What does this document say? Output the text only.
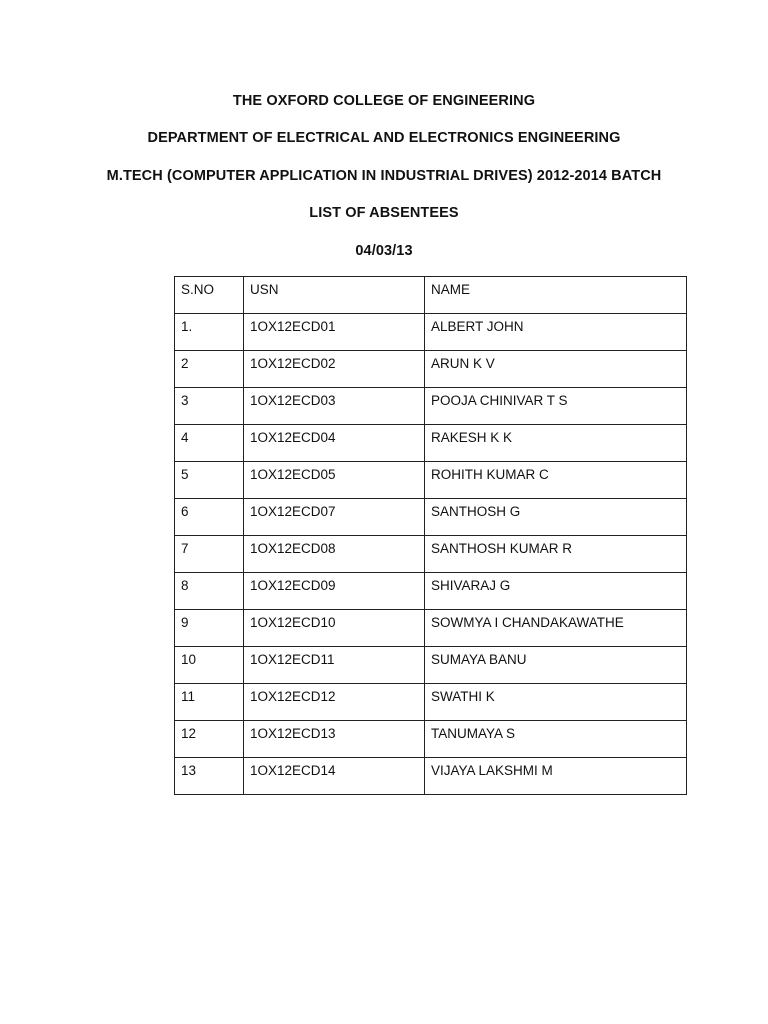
THE OXFORD COLLEGE OF ENGINEERING
DEPARTMENT OF ELECTRICAL AND ELECTRONICS ENGINEERING
M.TECH (COMPUTER APPLICATION IN INDUSTRIAL DRIVES) 2012-2014 BATCH
LIST OF ABSENTEES
04/03/13
S.NO	USN	NAME

1.	1OX12ECD01	ALBERT JOHN

2	1OX12ECD02	ARUN K V

3	1OX12ECD03	POOJA CHINIVAR T S

4	1OX12ECD04	RAKESH K K

5	1OX12ECD05	ROHITH KUMAR C

6	1OX12ECD07	SANTHOSH G

7	1OX12ECD08	SANTHOSH KUMAR R

8	1OX12ECD09	SHIVARAJ G

9	1OX12ECD10	SOWMYA I CHANDAKAWATHE

10	1OX12ECD11	SUMAYA BANU

11	1OX12ECD12	SWATHI K

12	1OX12ECD13	TANUMAYA S

13	1OX12ECD14	VIJAYA LAKSHMI M
